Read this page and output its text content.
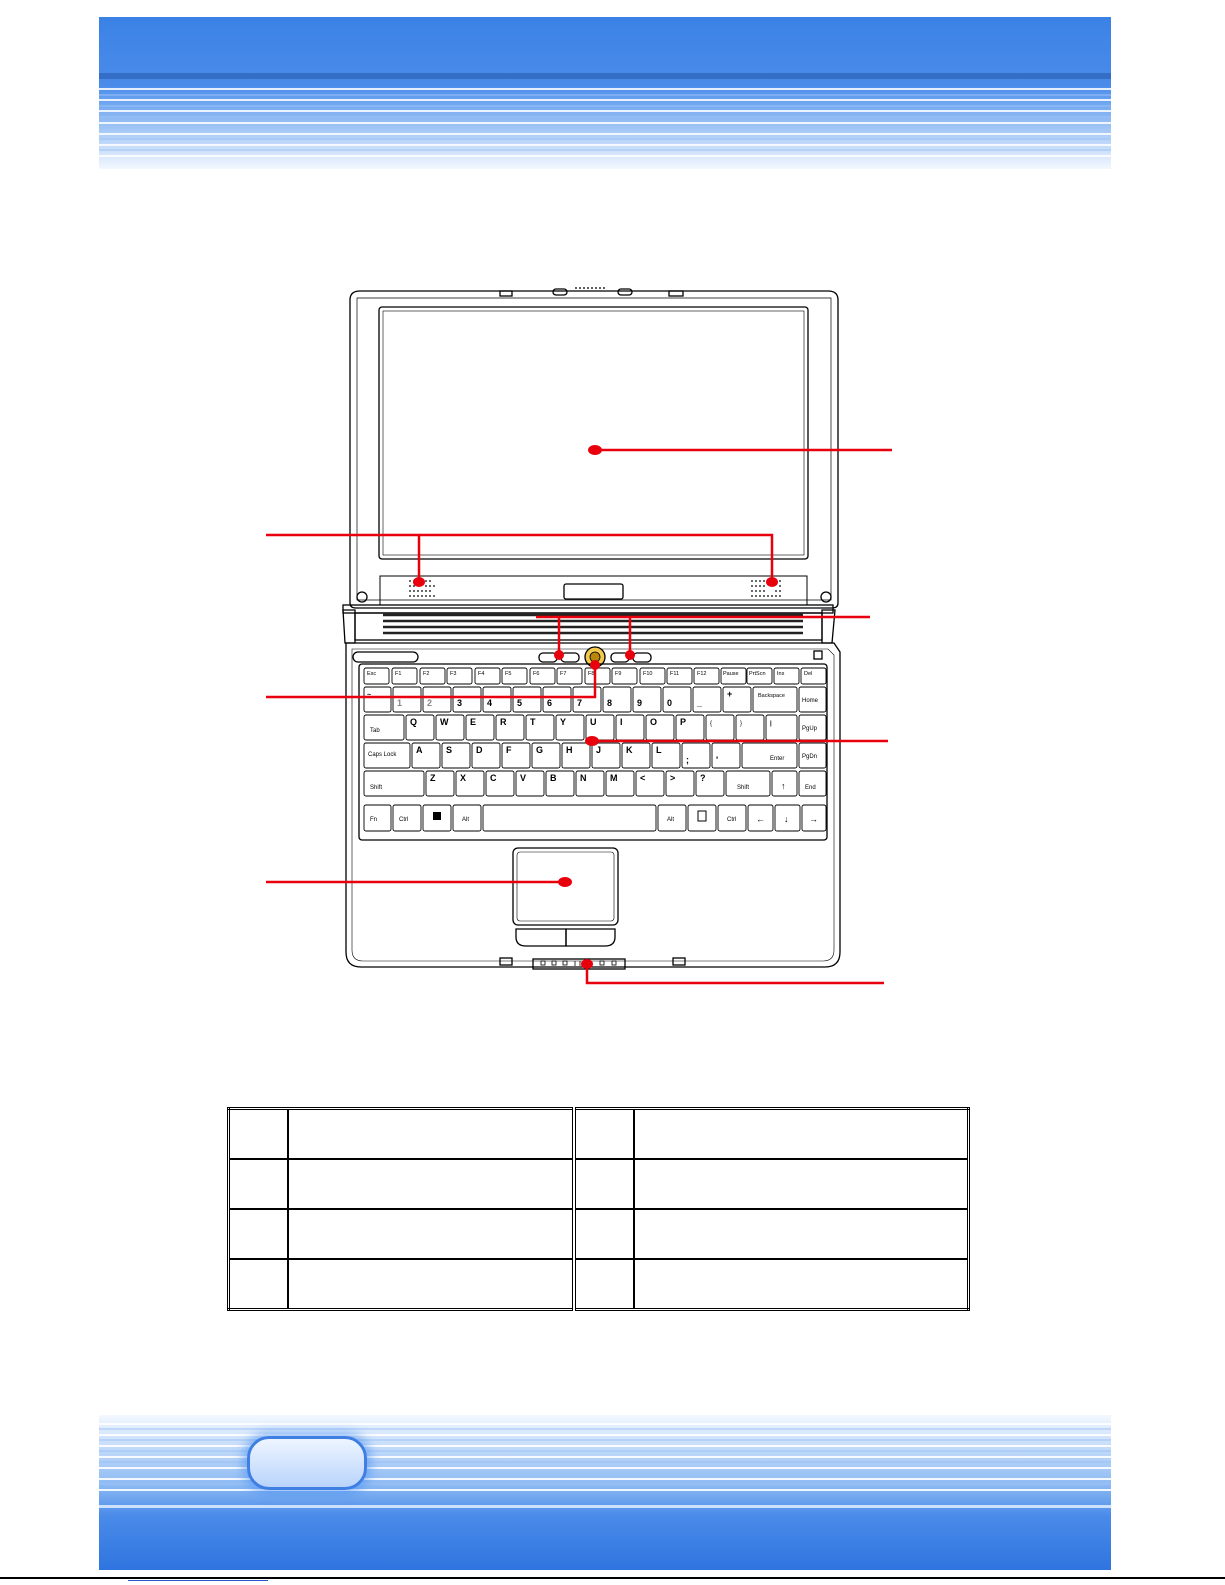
Esc	F1	F2	F3	F4	F5	F6	F7	F8	F9	F10	F11	F12	Pause PrtScn Ins	Del
~
1	2	3	4	5	6	7	8	9	0	_
+	Backspace
Home
Tab
Q	W E	R	T	Y	U	I	O	P	{	}	|
PgUp
Caps Lock A	S	D	F	G	H	J	K	L
;	'	Enter	PgDn
Shift
Z	X	C	V	B	N	M	<	>	?
Shift	↑	End
Fn	Ctrl	Alt	Alt	Ctrl ← ↓ →
